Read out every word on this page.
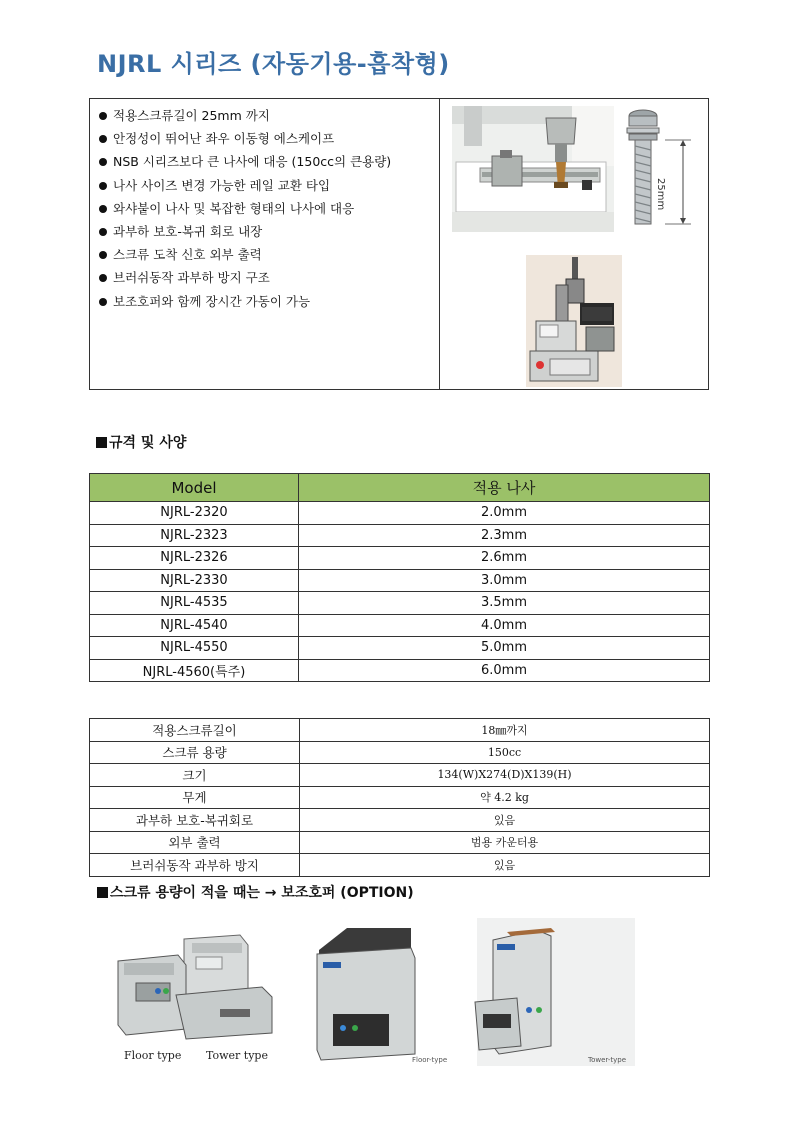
NJRL 시리즈 (자동기용-흡착형)
적용스크류길이 25mm 까지
안정성이 뛰어난 좌우 이동형 에스케이프
NSB 시리즈보다 큰 나사에 대응 (150cc의 큰용량)
나사 사이즈 변경 가능한 레일 교환 타입
와샤붙이 나사 및 복잡한 형태의 나사에 대응
과부하 보호-복귀 회로 내장
스크류 도착 신호 외부 출력
브러쉬동작 과부하 방지 구조
보조호퍼와 함께 장시간 가동이 가능
25mm
규격 및 사양
Model	적용 나사
NJRL-2320	2.0mm
NJRL-2323	2.3mm
NJRL-2326	2.6mm
NJRL-2330	3.0mm
NJRL-4535	3.5mm
NJRL-4540	4.0mm
NJRL-4550	5.0mm
NJRL-4560(특주)	6.0mm
적용스크류길이	18㎜까지
스크류 용량	150cc
크기	134(W)X274(D)X139(H)
무게	약 4.2 kg
과부하 보호-복귀회로	있음
외부 출력	범용 카운터용
브러쉬동작 과부하 방지	있음
스크류 용량이 적을 때는 → 보조호퍼 (OPTION)
Floor type Tower type	Floor-type	Tower-type
